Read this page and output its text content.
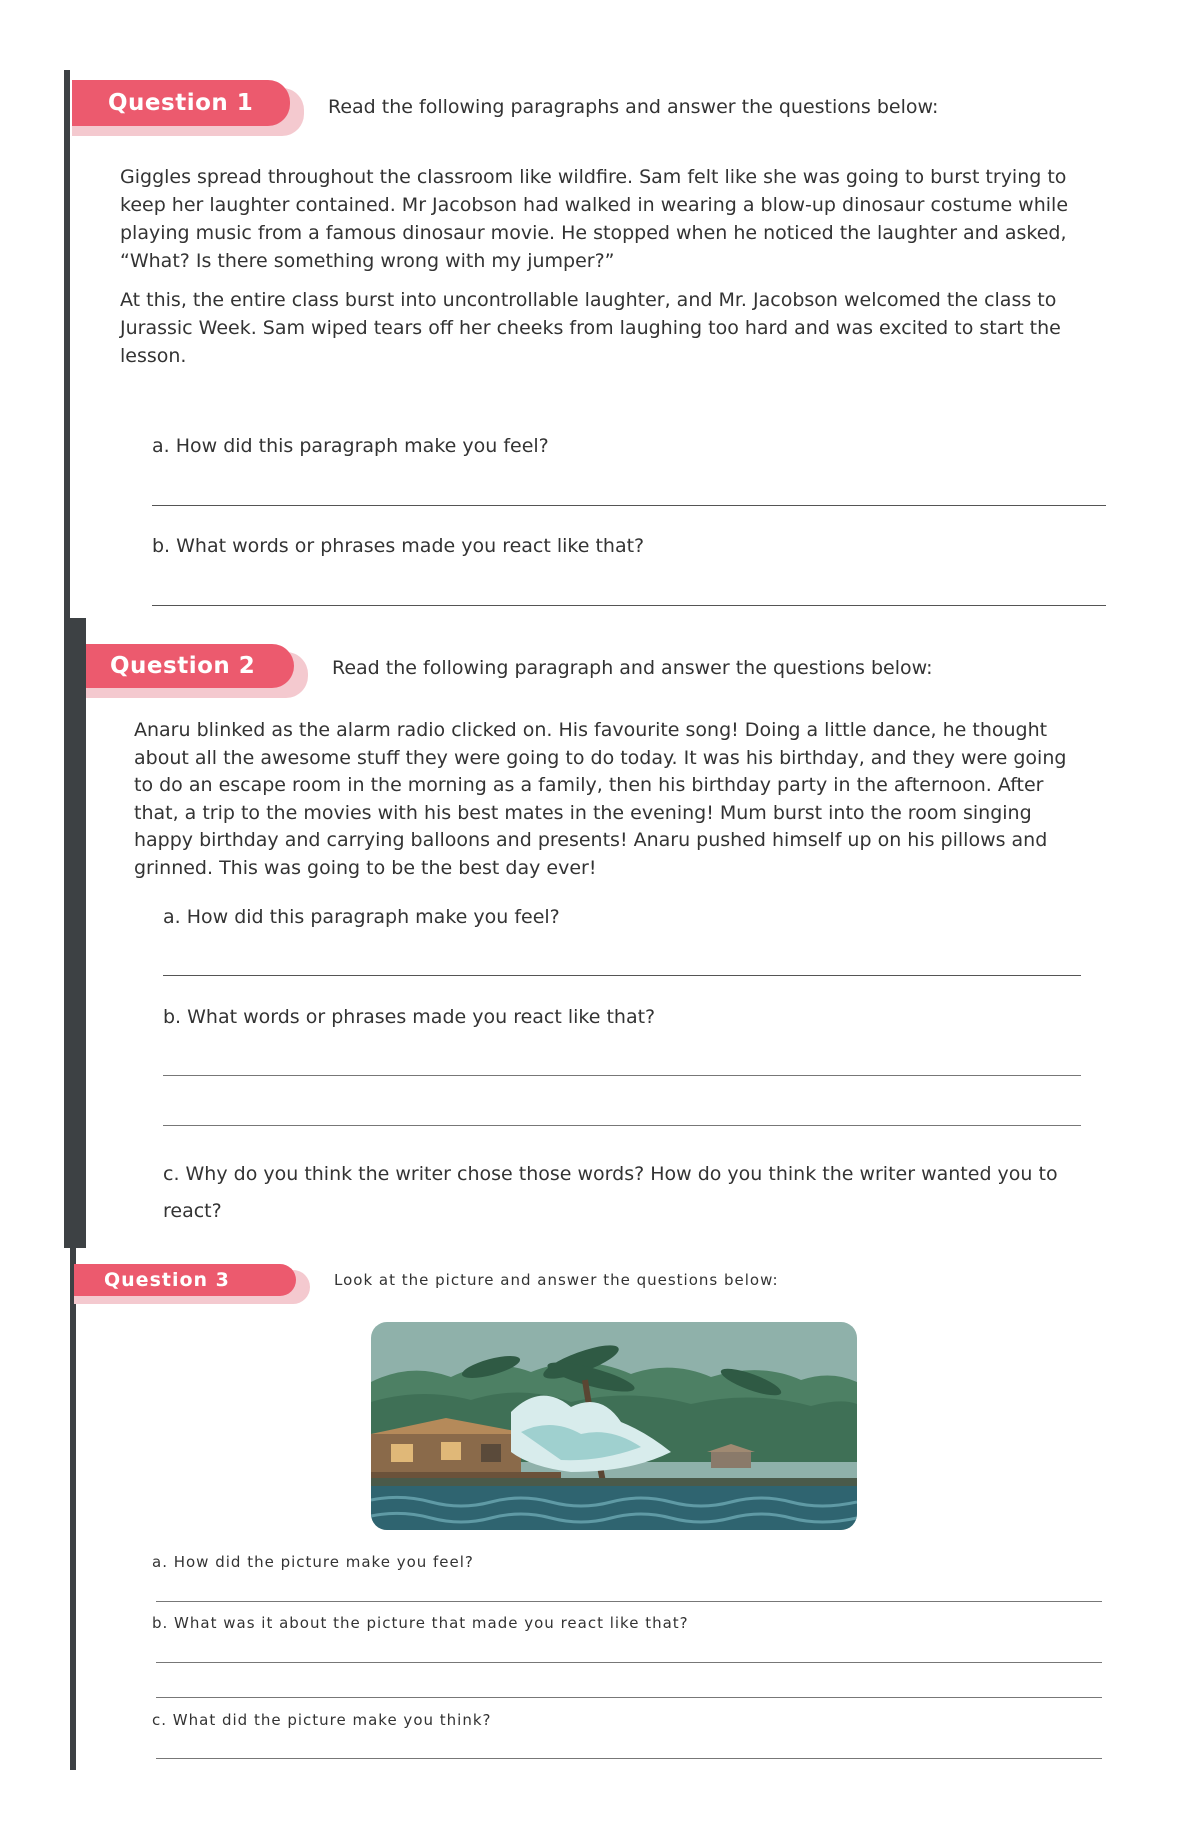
Question 1	Read the following paragraphs and answer the questions below:

Giggles spread throughout the classroom like wildfire. Sam felt like she was going to burst trying to keep her laughter contained. Mr Jacobson had walked in wearing a blow-up dinosaur costume while playing music from a famous dinosaur movie. He stopped when he noticed the laughter and asked, “What? Is there something wrong with my jumper?”

At this, the entire class burst into uncontrollable laughter, and Mr. Jacobson welcomed the class to Jurassic Week. Sam wiped tears off her cheeks from laughing too hard and was excited to start the lesson.

a. How did this paragraph make you feel?
b. What words or phrases made you react like that?
Question 2	Read the following paragraph and answer the questions below:

Anaru blinked as the alarm radio clicked on. His favourite song! Doing a little dance, he thought about all the awesome stuff they were going to do today. It was his birthday, and they were going to do an escape room in the morning as a family, then his birthday party in the afternoon. After that, a trip to the movies with his best mates in the evening! Mum burst into the room singing happy birthday and carrying balloons and presents! Anaru pushed himself up on his pillows and grinned. This was going to be the best day ever!

a. How did this paragraph make you feel?
b. What words or phrases made you react like that?
c. Why do you think the writer chose those words? How do you think the writer wanted you to react?
Question 3	Look at the picture and answer the questions below:
a. How did the picture make you feel?
b. What was it about the picture that made you react like that?
c. What did the picture make you think?
